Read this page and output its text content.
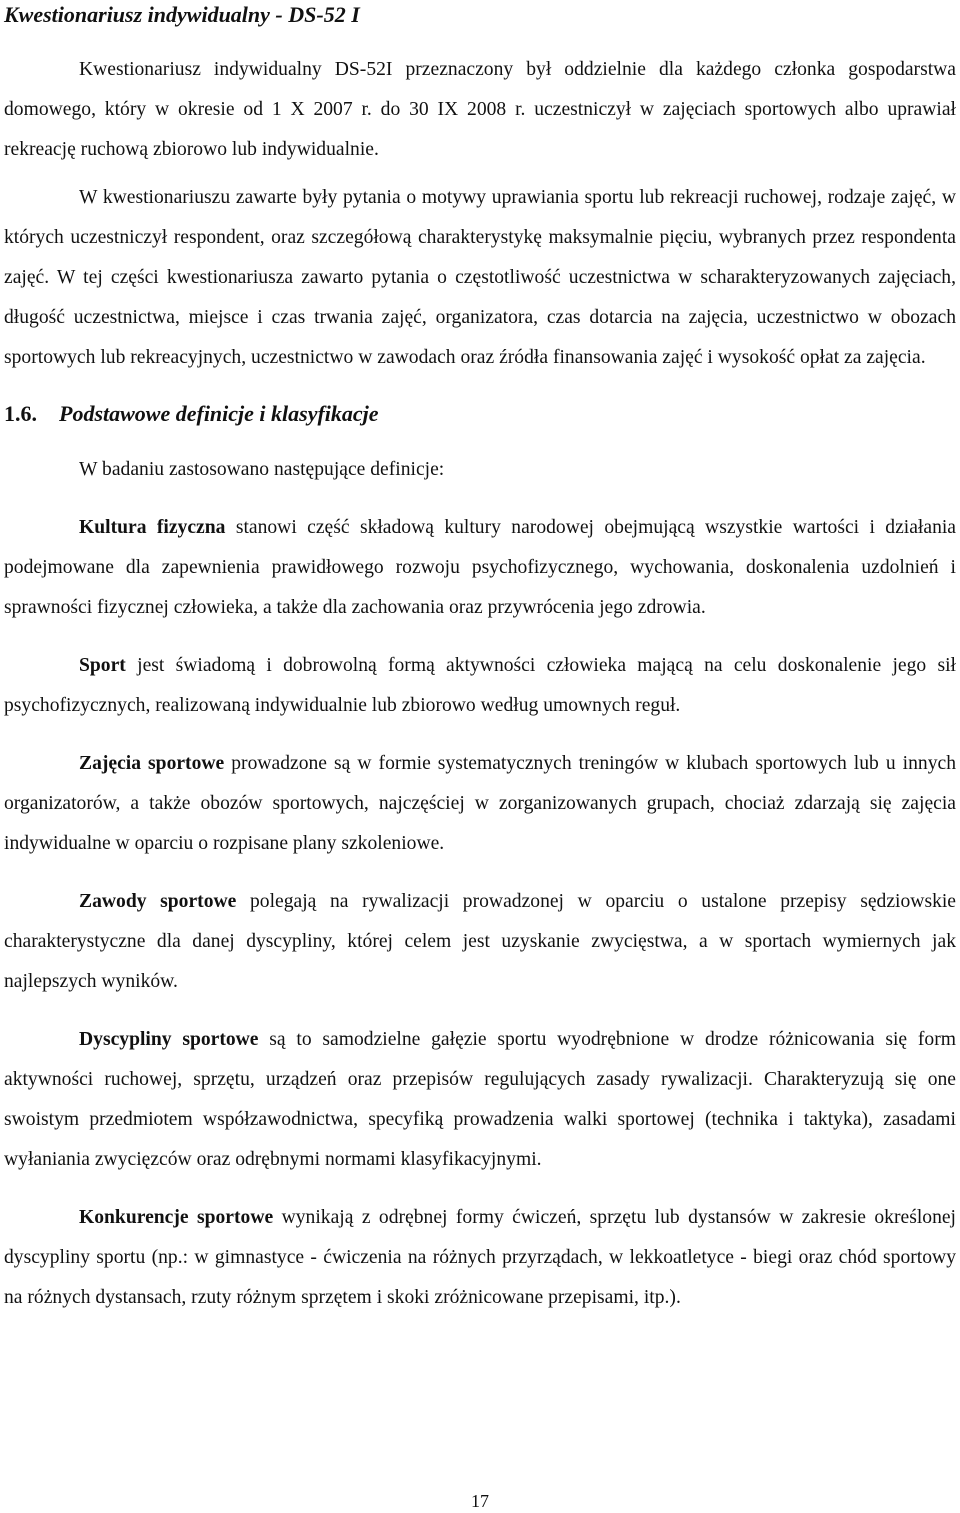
Kwestionariusz indywidualny - DS-52 I

Kwestionariusz indywidualny DS-52I przeznaczony był oddzielnie dla każdego członka gospodarstwa domowego, który w okresie od 1 X 2007 r. do 30 IX 2008 r. uczestniczył w zajęciach sportowych albo uprawiał rekreację ruchową zbiorowo lub indywidualnie.

W kwestionariuszu zawarte były pytania o motywy uprawiania sportu lub rekreacji ruchowej, rodzaje zajęć, w których uczestniczył respondent, oraz szczegółową charakterystykę maksymalnie pięciu, wybranych przez respondenta zajęć. W tej części kwestionariusza zawarto pytania o częstotliwość uczestnictwa w scharakteryzowanych zajęciach, długość uczestnictwa, miejsce i czas trwania zajęć, organizatora, czas dotarcia na zajęcia, uczestnictwo w obozach sportowych lub rekreacyjnych, uczestnictwo w zawodach oraz źródła finansowania zajęć i wysokość opłat za zajęcia.

1.6. Podstawowe definicje i klasyfikacje

W badaniu zastosowano następujące definicje:

Kultura fizyczna stanowi część składową kultury narodowej obejmującą wszystkie wartości i działania podejmowane dla zapewnienia prawidłowego rozwoju psychofizycznego, wychowania, doskonalenia uzdolnień i sprawności fizycznej człowieka, a także dla zachowania oraz przywrócenia jego zdrowia.

Sport jest świadomą i dobrowolną formą aktywności człowieka mającą na celu doskonalenie jego sił psychofizycznych, realizowaną indywidualnie lub zbiorowo według umownych reguł.

Zajęcia sportowe prowadzone są w formie systematycznych treningów w klubach sportowych lub u innych organizatorów, a także obozów sportowych, najczęściej w zorganizowanych grupach, chociaż zdarzają się zajęcia indywidualne w oparciu o rozpisane plany szkoleniowe.

Zawody sportowe polegają na rywalizacji prowadzonej w oparciu o ustalone przepisy sędziowskie charakterystyczne dla danej dyscypliny, której celem jest uzyskanie zwycięstwa, a w sportach wymiernych jak najlepszych wyników.

Dyscypliny sportowe są to samodzielne gałęzie sportu wyodrębnione w drodze różnicowania się form aktywności ruchowej, sprzętu, urządzeń oraz przepisów regulujących zasady rywalizacji. Charakteryzują się one swoistym przedmiotem współzawodnictwa, specyfiką prowadzenia walki sportowej (technika i taktyka), zasadami wyłaniania zwycięzców oraz odrębnymi normami klasyfikacyjnymi.

Konkurencje sportowe wynikają z odrębnej formy ćwiczeń, sprzętu lub dystansów w zakresie określonej dyscypliny sportu (np.: w gimnastyce - ćwiczenia na różnych przyrządach, w lekkoatletyce - biegi oraz chód sportowy na różnych dystansach, rzuty różnym sprzętem i skoki zróżnicowane przepisami, itp.).

17
